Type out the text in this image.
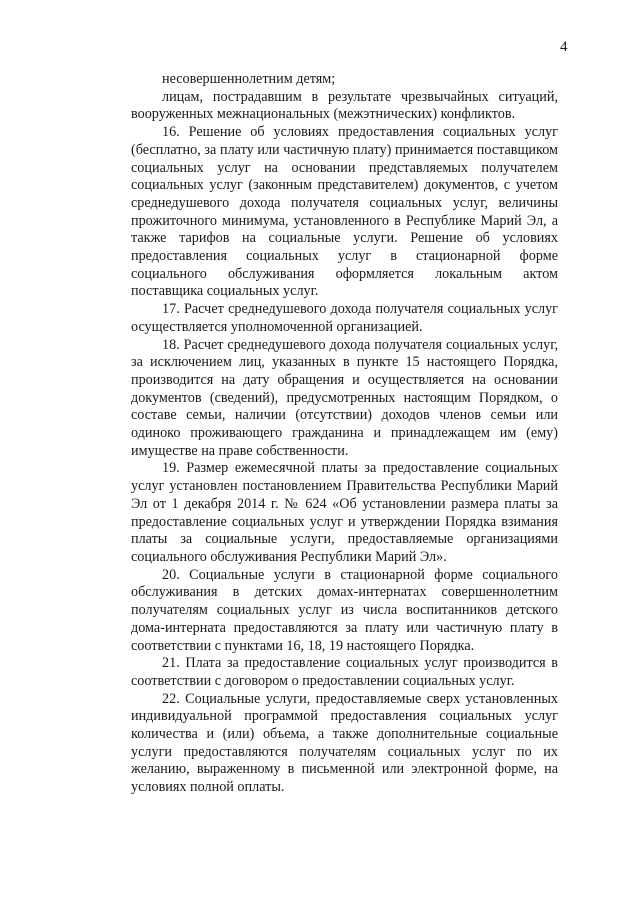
4

несовершеннолетним детям;

лицам, пострадавшим в результате чрезвычайных ситуаций, вооруженных межнациональных (межэтнических) конфликтов.

16. Решение об условиях предоставления социальных услуг (бесплатно, за плату или частичную плату) принимается поставщиком социальных услуг на основании представляемых получателем социальных услуг (законным представителем) документов, с учетом среднедушевого дохода получателя социальных услуг, величины прожиточного минимума, установленного в Республике Марий Эл, а также тарифов на социальные услуги. Решение об условиях предоставления социальных услуг в стационарной форме социального обслуживания оформляется локальным актом поставщика социальных услуг.

17. Расчет среднедушевого дохода получателя социальных услуг осуществляется уполномоченной организацией.

18. Расчет среднедушевого дохода получателя социальных услуг, за исключением лиц, указанных в пункте 15 настоящего Порядка, производится на дату обращения и осуществляется на основании документов (сведений), предусмотренных настоящим Порядком, о составе семьи, наличии (отсутствии) доходов членов семьи или одиноко проживающего гражданина и принадлежащем им (ему) имуществе на праве собственности.

19. Размер ежемесячной платы за предоставление социальных услуг установлен постановлением Правительства Республики Марий Эл от 1 декабря 2014 г. № 624 «Об установлении размера платы за предоставление социальных услуг и утверждении Порядка взимания платы за социальные услуги, предоставляемые организациями социального обслуживания Республики Марий Эл».

20. Социальные услуги в стационарной форме социального обслуживания в детских домах-интернатах совершеннолетним получателям социальных услуг из числа воспитанников детского дома-интерната предоставляются за плату или частичную плату в соответствии с пунктами 16, 18, 19 настоящего Порядка.

21. Плата за предоставление социальных услуг производится в соответствии с договором о предоставлении социальных услуг.

22. Социальные услуги, предоставляемые сверх установленных индивидуальной программой предоставления социальных услуг количества и (или) объема, а также дополнительные социальные услуги предоставляются получателям социальных услуг по их желанию, выраженному в письменной или электронной форме, на условиях полной оплаты.
